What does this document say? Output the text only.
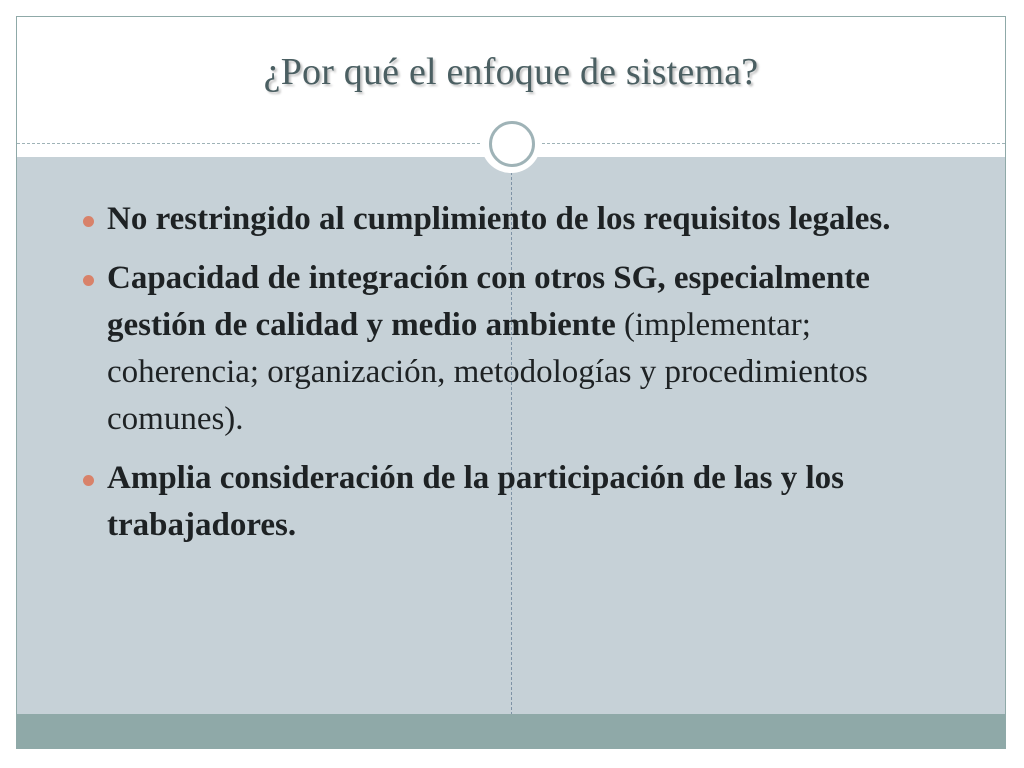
¿Por qué el enfoque de sistema?
No restringido al cumplimiento de los requisitos legales.
Capacidad de integración con otros SG, especialmente gestión de calidad y medio ambiente (implementar; coherencia; organización, metodologías y procedimientos comunes).
Amplia consideración de la participación de las y los trabajadores.
